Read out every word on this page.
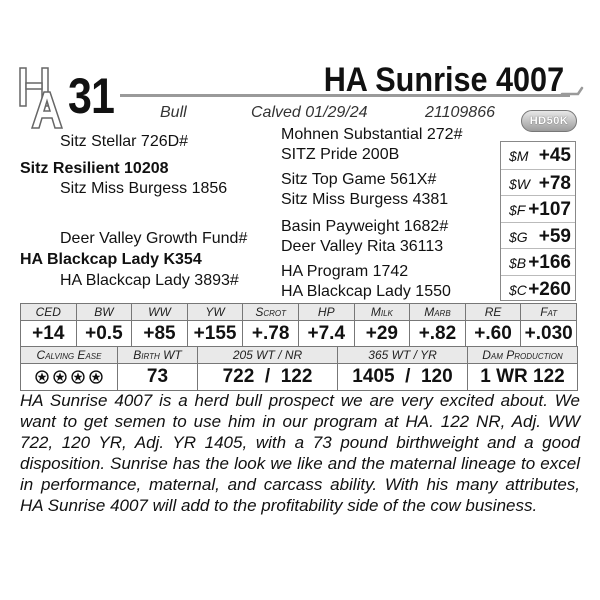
31	HA Sunrise 4007
Bull	Calved 01/29/24	21109866	HD50K
Sitz Stellar 726D#
Sitz Resilient 10208
Sitz Miss Burgess 1856
Deer Valley Growth Fund#
HA Blackcap Lady K354
HA Blackcap Lady 3893#
Mohnen Substantial 272#
SITZ Pride 200B
Sitz Top Game 561X#
Sitz Miss Burgess 4381
Basin Payweight 1682#
Deer Valley Rita 36113
HA Program 1742
HA Blackcap Lady 1550
$M +45
$W +78
$F +107
$G +59
$B +166
$C +260
CED	BW	WW	YW	Scrot	HP	Milk	Marb	RE	Fat
+14	+0.5	+85	+155	+.78	+7.4	+29	+.82	+.60	+.030
Calving Ease	Birth WT	205 WT / NR	365 WT / YR	Dam Production

	73	722 / 122	1405 / 120	1 WR 122
HA Sunrise 4007 is a herd bull prospect we are very excited about. We want to get semen to use him in our program at HA. 122 NR, Adj. WW 722, 120 YR, Adj. YR 1405, with a 73 pound birthweight and a good disposition. Sunrise has the look we like and the maternal lineage to excel in performance, maternal, and carcass ability. With his many attributes, HA Sunrise 4007 will add to the profitability side of the cow business.
